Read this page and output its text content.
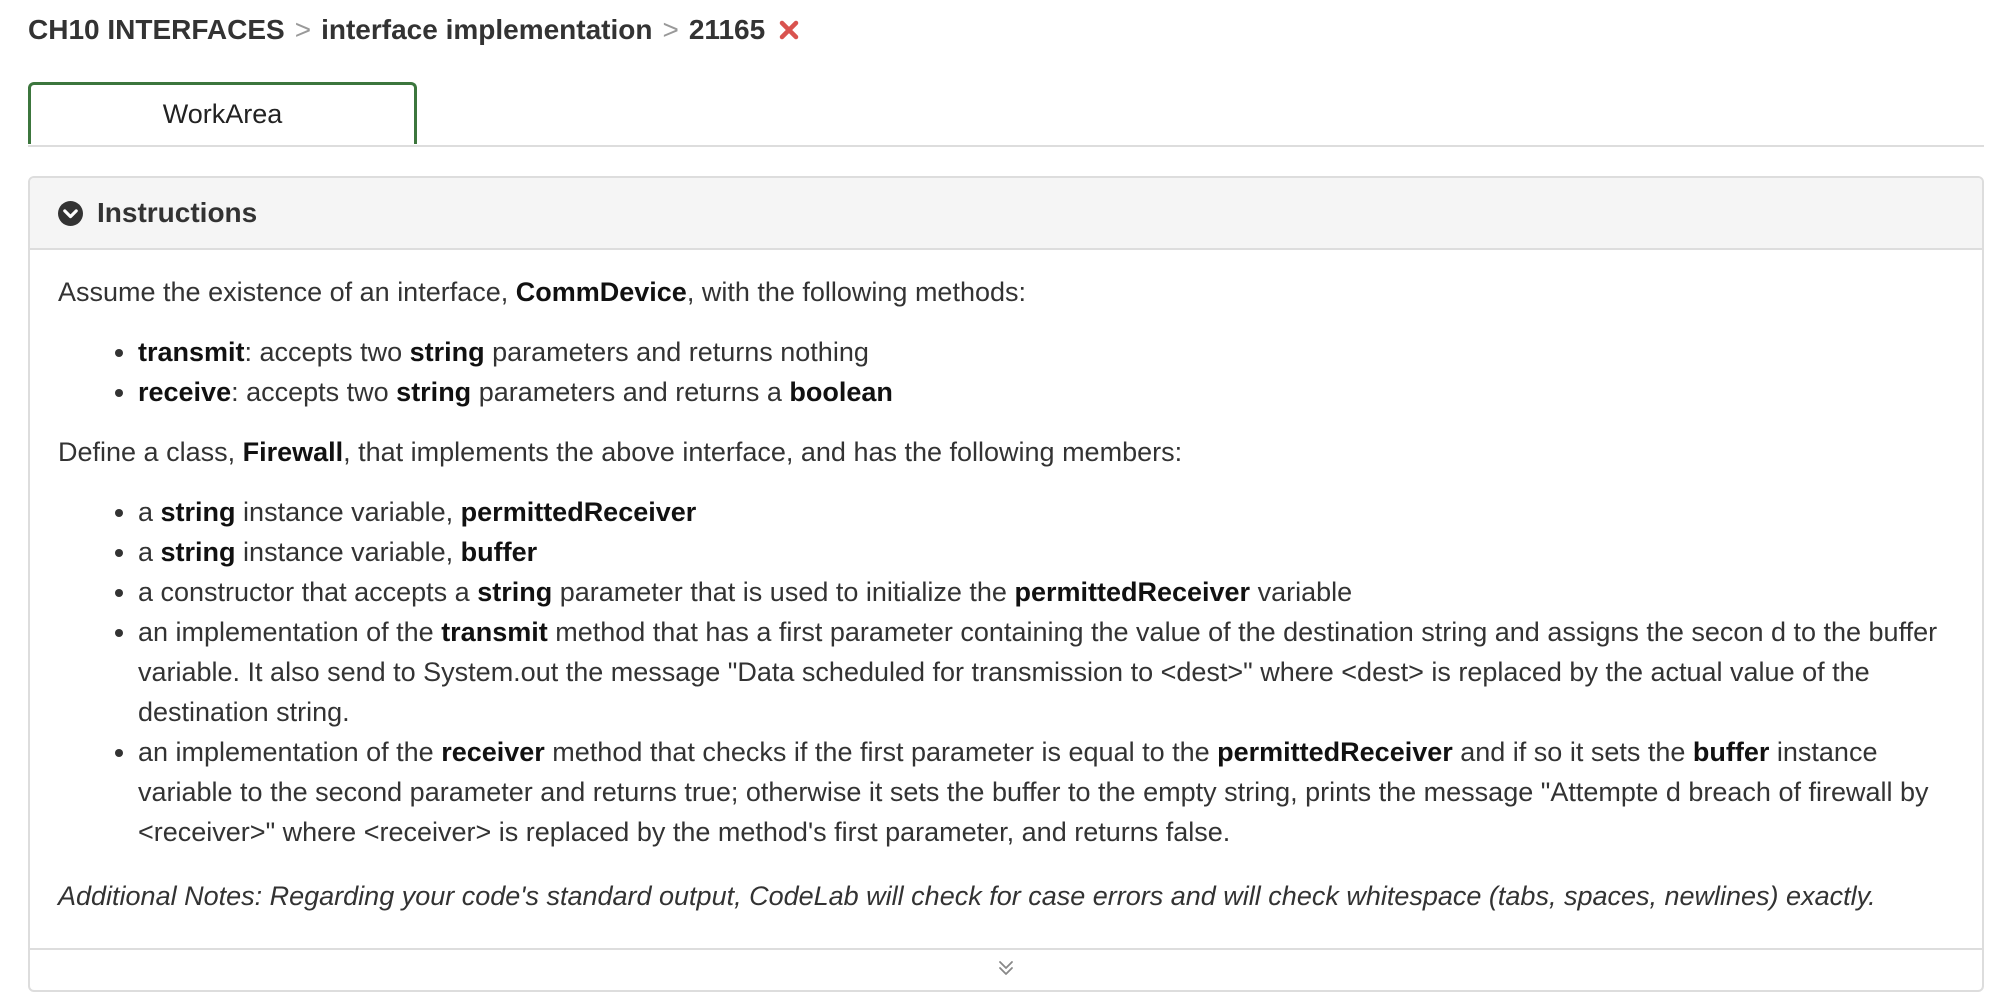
CH10 INTERFACES > interface implementation > 21165
WorkArea
Instructions

Assume the existence of an interface, CommDevice, with the following methods:

• transmit: accepts two string parameters and returns nothing
• receive: accepts two string parameters and returns a boolean

Define a class, Firewall, that implements the above interface, and has the following members:

• a string instance variable, permittedReceiver
• a string instance variable, buffer
• a constructor that accepts a string parameter that is used to initialize the permittedReceiver variable
• an implementation of the transmit method that has a first parameter containing the value of the destination string and assigns the secon d to the buffer variable. It also send to System.out the message "Data scheduled for transmission to <dest>" where <dest> is replaced by the actual value of the destination string.
• an implementation of the receiver method that checks if the first parameter is equal to the permittedReceiver and if so it sets the buffer instance variable to the second parameter and returns true; otherwise it sets the buffer to the empty string, prints the message "Attempte d breach of firewall by <receiver>" where <receiver> is replaced by the method's first parameter, and returns false.

Additional Notes: Regarding your code's standard output, CodeLab will check for case errors and will check whitespace (tabs, spaces, newlines) exactly.
